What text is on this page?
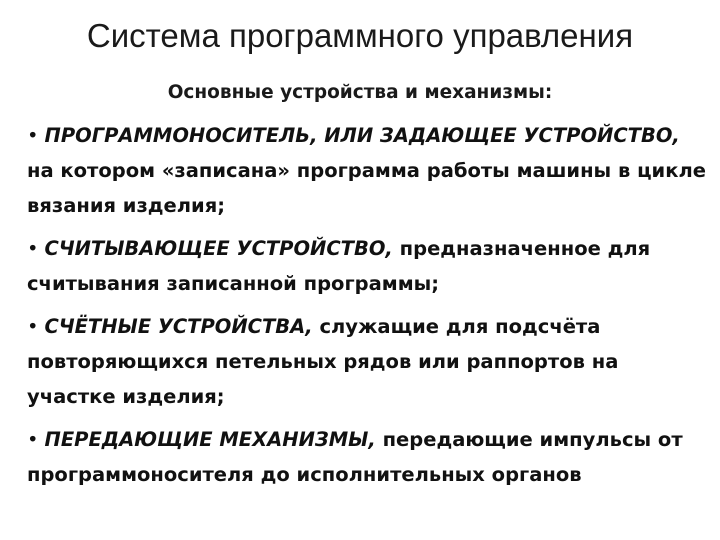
Система программного управления
Основные устройства и механизмы:
• ПРОГРАММОНОСИТЕЛЬ, ИЛИ ЗАДАЮЩЕЕ УСТРОЙСТВО, на котором «записана» программа работы машины в цикле вязания изделия;
• СЧИТЫВАЮЩЕЕ УСТРОЙСТВО, предназначенное для считывания записанной программы;
• СЧЁТНЫЕ УСТРОЙСТВА, служащие для подсчёта повторяющихся петельных рядов или раппортов на участке изделия;
• ПЕРЕДАЮЩИЕ МЕХАНИЗМЫ, передающие импульсы от программоносителя до исполнительных органов
